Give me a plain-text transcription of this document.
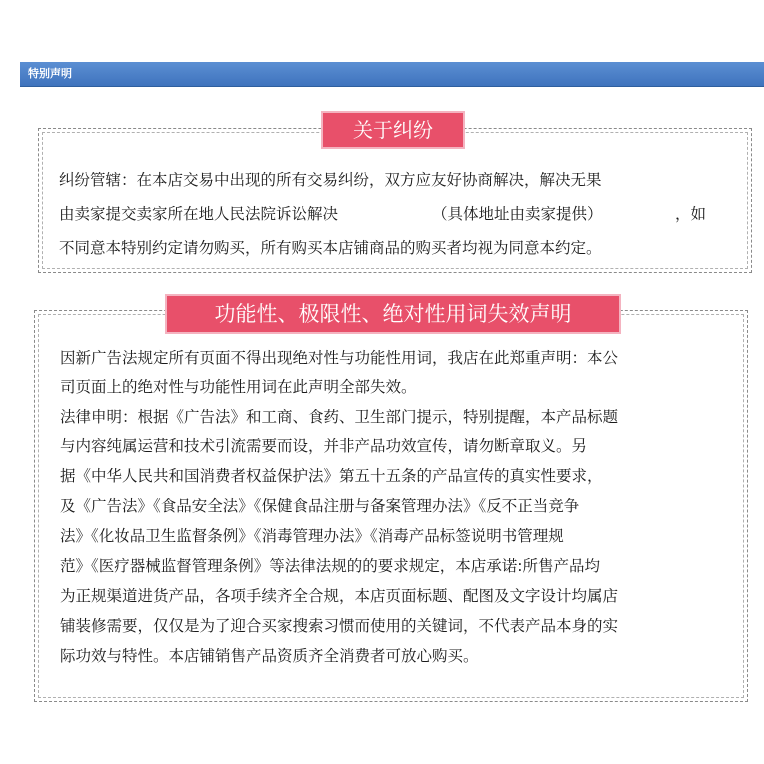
特别声明
关于纠纷
纠纷管辖：在本店交易中出现的所有交易纠纷，双方应友好协商解决，解决无果
由卖家提交卖家所在地人民法院诉讼解决	（具体地址由卖家提供）	，如
不同意本特别约定请勿购买，所有购买本店铺商品的购买者均视为同意本约定。
功能性、极限性、绝对性用词失效声明
因新广告法规定所有页面不得出现绝对性与功能性用词，我店在此郑重声明：本公
司页面上的绝对性与功能性用词在此声明全部失效。
法律申明：根据《广告法》和工商、食药、卫生部门提示，特别提醒，本产品标题
与内容纯属运营和技术引流需要而设，并非产品功效宣传，请勿断章取义。另
据《中华人民共和国消费者权益保护法》第五十五条的产品宣传的真实性要求，
及《广告法》《食品安全法》《保健食品注册与备案管理办法》《反不正当竞争
法》《化妆品卫生监督条例》《消毒管理办法》《消毒产品标签说明书管理规
范》《医疗器械监督管理条例》等法律法规的的要求规定，本店承诺:所售产品均
为正规渠道进货产品，各项手续齐全合规，本店页面标题、配图及文字设计均属店
铺装修需要，仅仅是为了迎合买家搜索习惯而使用的关键词，不代表产品本身的实
际功效与特性。本店铺销售产品资质齐全消费者可放心购买。
